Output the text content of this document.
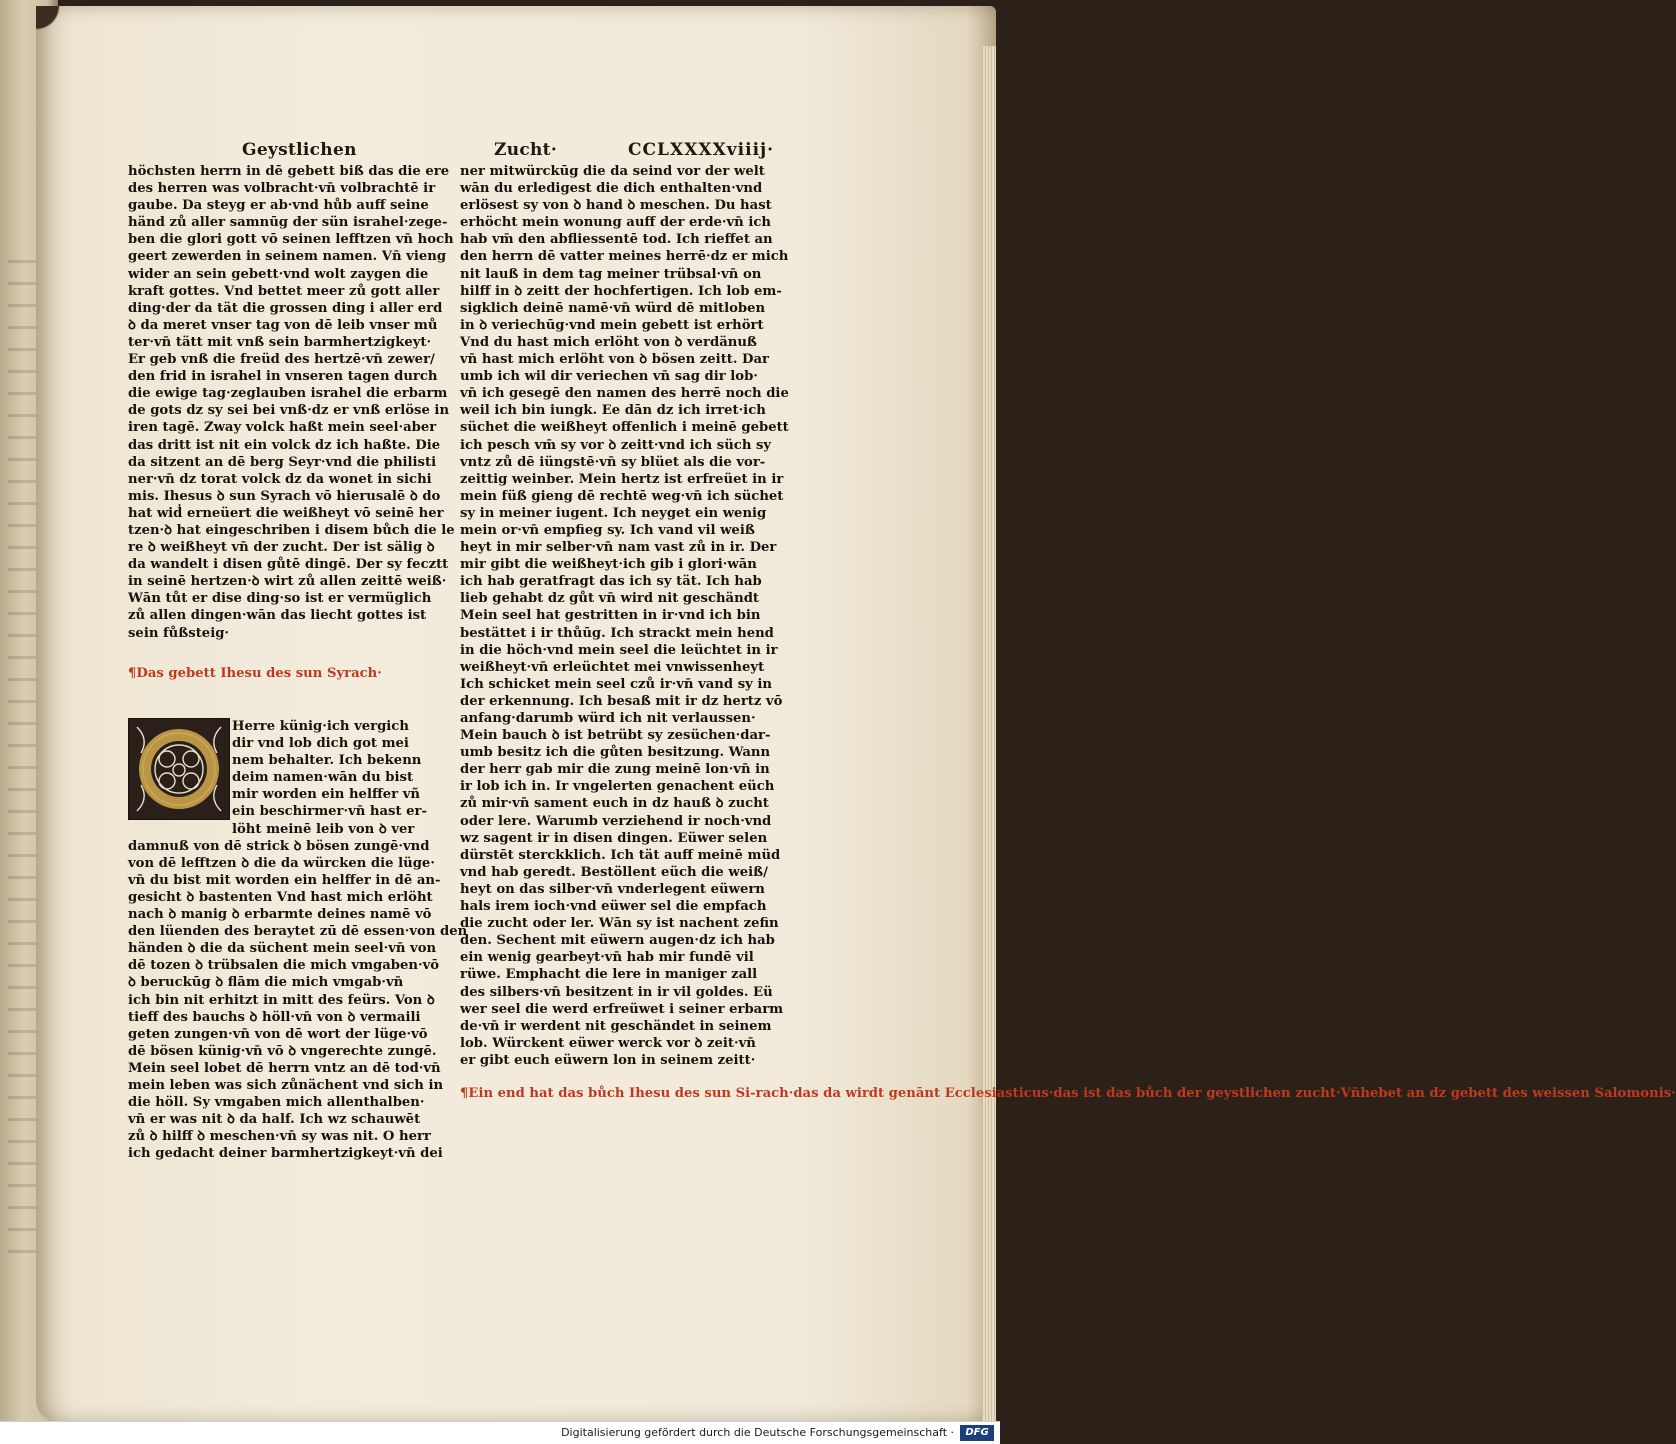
Geystlichen	Zucht·	CCLXXXXviiij·
höchsten herrn in dē gebett biß das die ere
des herren was volbracht·vn̄ volbrachtē ir
gaube. Da steyg er ab·vnd hůb auff seine
händ zů aller samnūg der sün israhel·zege-
ben die glori gott vō seinen lefftzen vn̄ hoch
geert zewerden in seinem namen. Vn̄ vieng
wider an sein gebett·vnd wolt zaygen die
kraft gottes. Vnd bettet meer zů gott aller
ding·der da tät die grossen ding i aller erd
ꝺ da meret vnser tag von dē leib vnser mů
ter·vn̄ tätt mit vnß sein barmhertzigkeyt·
Er geb vnß die freüd des hertzē·vn̄ zewer/
den frid in israhel in vnseren tagen durch
die ewige tag·zeglauben israhel die erbarm
de gots dz sy sei bei vnß·dz er vnß erlöse in
iren tagē. Zway volck haßt mein seel·aber
das dritt ist nit ein volck dz ich haßte. Die
da sitzent an dē berg Seyr·vnd die philisti
ner·vn̄ dz torat volck dz da wonet in sichi
mis. Ihesus ꝺ sun Syrach vō hierusalē ꝺ do
hat wid̓ erneüert die weißheyt vō seinē her
tzen·ꝺ hat eingeschriben i disem bůch die le
re ꝺ weißheyt vn̄ der zucht. Der ist sälig ꝺ
da wandelt i disen gůtē dingē. Der sy fecztt
in seinē hertzen·ꝺ wirt zů allen zeittē weiß·
Wān tůt er dise ding·so ist er vermüglich
zů allen dingen·wān das liecht gottes ist
sein fůßsteig·
¶Das gebett Ihesu des sun Syrach·
Herre künig·ich vergich
dir vnd lob dich got mei
nem behalter. Ich bekenn
deim namen·wān du bist
mir worden ein helffer vñ
ein beschirmer·vn̄ hast er-
löht meinē leib von ꝺ ver
damnuß von dē strick ꝺ bösen zungē·vnd
von dē lefftzen ꝺ die da würcken die lüge·
vn̄ du bist mit worden ein helffer in dē an-
gesicht ꝺ bastenten Vnd hast mich erlöht
nach ꝺ manig ꝺ erbarmte deines namē vō
den lüenden des beraytet zū dē essen·von den
händen ꝺ die da süchent mein seel·vn̄ von
dē tozen ꝺ trübsalen die mich vmgaben·vō
ꝺ beruckūg ꝺ flām die mich vmgab·vn̄
ich bin nit erhitzt in mitt des feürs. Von ꝺ
tieff des bauchs ꝺ höll·vn̄ von ꝺ vermaili
geten zungen·vn̄ von dē wort der lüge·vō
dē bösen künig·vn̄ vō ꝺ vngerechte zungē.
Mein seel lobet dē herrn vntz an dē tod·vn̄
mein leben was sich zůnächent vnd sich in
die höll. Sy vmgaben mich allenthalben·
vn̄ er was nit ꝺ da half. Ich wz schauwēt
zů ꝺ hilff ꝺ meschen·vn̄ sy was nit. O herr
ich gedacht deiner barmhertzigkeyt·vn̄ dei
ner mitwürckūg die da seind vor der welt
wān du erledigest die dich enthalten·vnd
erlösest sy von ꝺ hand ꝺ meschen. Du hast
erhöcht mein wonung auff der erde·vn̄ ich
hab vm̄ den abfliessentē tod. Ich rieffet an
den herrn dē vatter meines herrē·dz er mich
nit lauß in dem tag meiner trübsal·vn̄ on
hilff in ꝺ zeitt der hochfertigen. Ich lob em-
sigklich deinē namē·vn̄ würd dē mitloben
in ꝺ veriechūg·vnd mein gebett ist erhört
Vnd du hast mich erlöht von ꝺ verdänuß
vn̄ hast mich erlöht von ꝺ bösen zeitt. Dar
umb ich wil dir veriechen vn̄ sag dir lob·
vn̄ ich gesegē den namen des herrē noch die
weil ich bin iungk. Ee dān dz ich irret·ich
süchet die weißheyt offenlich i meinē gebett
ich pesch vm̄ sy vor ꝺ zeitt·vnd ich süch sy
vntz zů dē iüngstē·vn̄ sy blüet als die vor-
zeittig weinber. Mein hertz ist erfreüet in ir
mein füß gieng dē rechtē weg·vn̄ ich süchet
sy in meiner iugent. Ich neyget ein wenig
mein or·vn̄ empfieg sy. Ich vand vil weiß
heyt in mir selber·vn̄ nam vast zů in ir. Der
mir gibt die weißheyt·ich gib i glori·wān
ich hab geratfragt das ich sy tät. Ich hab
lieb gehabt dz gůt vn̄ wird nit geschändt
Mein seel hat gestritten in ir·vnd ich bin
bestättet i ir thůūg. Ich strackt mein hend
in die höch·vnd mein seel die leüchtet in ir
weißheyt·vn̄ erleüchtet mei vnwissenheyt
Ich schicket mein seel czů ir·vn̄ vand sy in
der erkennung. Ich besaß mit ir dz hertz vō
anfang·darumb würd ich nit verlaussen·
Mein bauch ꝺ ist betrübt sy zesüchen·dar-
umb besitz ich die gůten besitzung. Wann
der herr gab mir die zung meinē lon·vn̄ in
ir lob ich in. Ir vngelerten genachent eüch
zů mir·vn̄ sament euch in dz hauß ꝺ zucht
oder lere. Warumb verziehend ir noch·vnd
wz sagent ir in disen dingen. Eüwer selen
dürstēt sterckklich. Ich tät auff meinē müd
vnd hab geredt. Bestöllent eüch die weiß/
heyt on das silber·vn̄ vnderlegent eüwern
hals irem ioch·vnd eüwer sel die empfach
die zucht oder ler. Wān sy ist nachent zefin
den. Sechent mit eüwern augen·dz ich hab
ein wenig gearbeyt·vn̄ hab mir fundē vil
rüwe. Emphacht die lere in maniger zall
des silbers·vn̄ besitzent in ir vil goldes. Eü
wer seel die werd erfreüwet i seiner erbarm
de·vn̄ ir werdent nit geschändet in seinem
lob. Würckent eüwer werck vor ꝺ zeit·vn̄
er gibt euch eüwern lon in seinem zeitt·
¶Ein end hat das bůch Ihesu des sun Si-rach·das da wirdt genānt Ecclesiasticus·das ist das bůch der geystlichen zucht·Vn̄hebet an dz gebett des weissen Salomonis·
Digitalisierung gefördert durch die Deutsche Forschungsgemeinschaft ·	DFG
